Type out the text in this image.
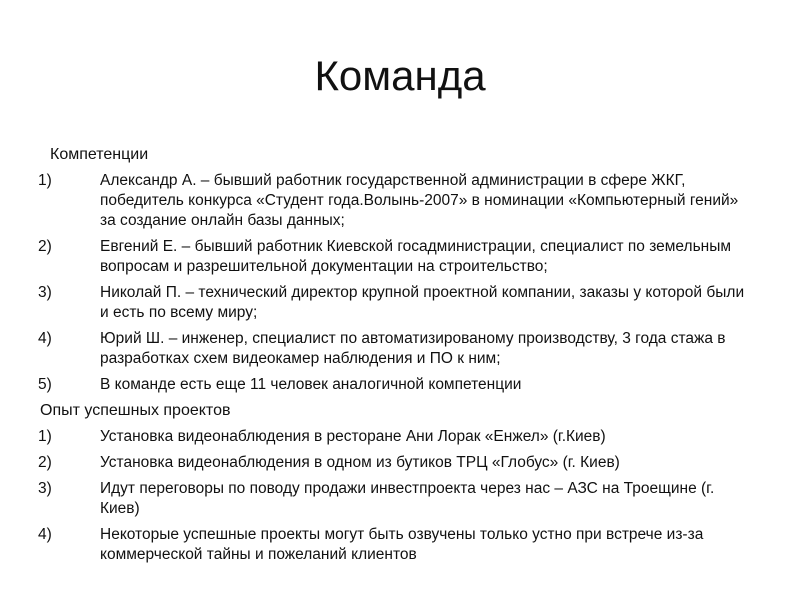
Команда
Компетенции
1)	Александр А. – бывший работник государственной администрации в сфере ЖКГ, победитель конкурса «Студент года.Волынь-2007» в номинации «Компьютерный гений» за создание онлайн базы данных;
2)	Евгений Е. – бывший работник Киевской госадминистрации, специалист по земельным вопросам и разрешительной документации на строительство;
3)	Николай П. – технический директор крупной проектной компании, заказы у которой были и есть по всему миру;
4)	Юрий Ш. – инженер, специалист по автоматизированому производству, 3 года стажа в разработках схем видеокамер наблюдения и ПО к ним;
5)	В команде есть еще 11 человек аналогичной компетенции
Опыт успешных проектов
1)	Установка видеонаблюдения в ресторане Ани Лорак «Енжел» (г.Киев)
2)	Установка видеонаблюдения в одном из бутиков ТРЦ «Глобус» (г. Киев)
3)	Идут переговоры по поводу продажи инвестпроекта через нас – АЗС на Троещине (г. Киев)
4)	Некоторые успешные проекты могут быть озвучены только устно при встрече из-за коммерческой тайны и пожеланий клиентов
